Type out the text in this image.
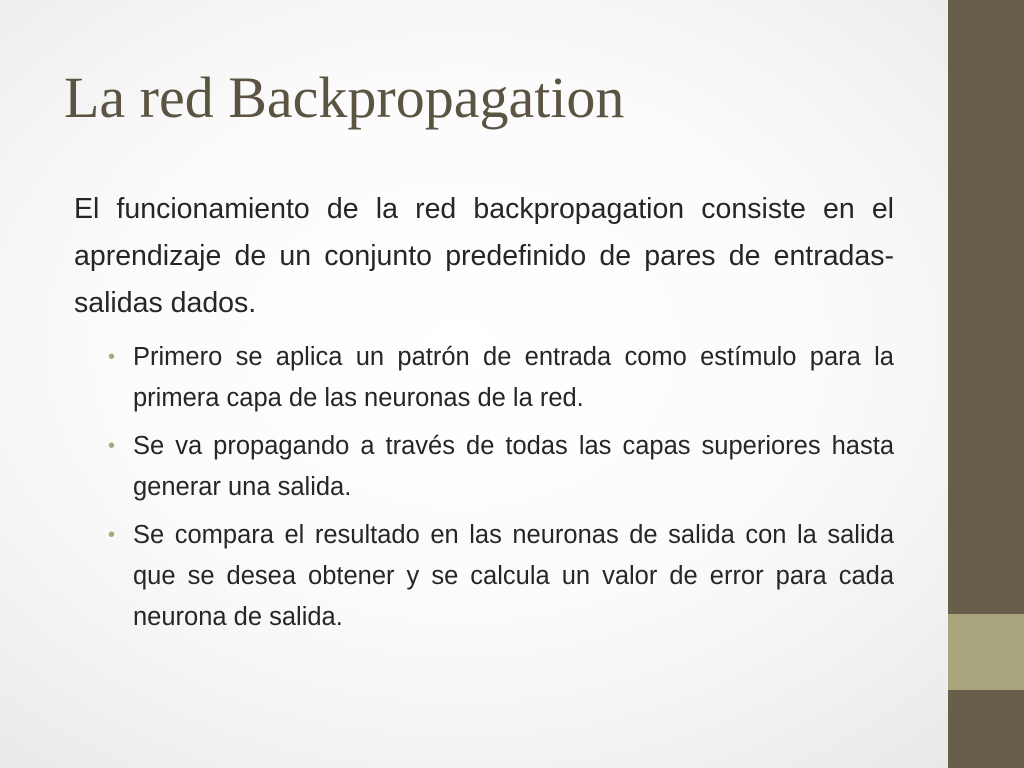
La red Backpropagation

El funcionamiento de la red backpropagation consiste en el aprendizaje de un conjunto predefinido de pares de entradas-salidas dados.

• Primero se aplica un patrón de entrada como estímulo para la primera capa de las neuronas de la red.
• Se va propagando a través de todas las capas superiores hasta generar una salida.
• Se compara el resultado en las neuronas de salida con la salida que se desea obtener y se calcula un valor de error para cada neurona de salida.
